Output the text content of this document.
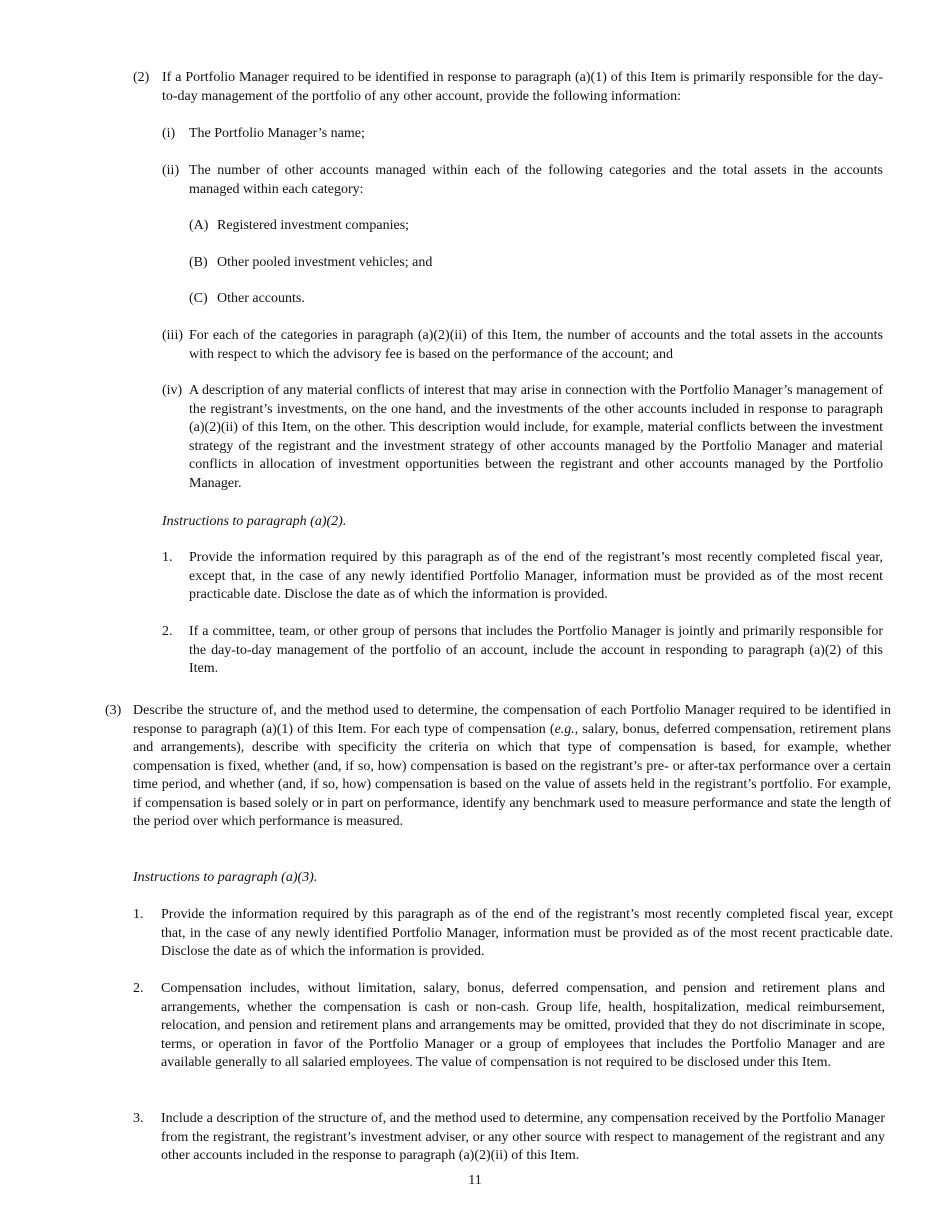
(2) If a Portfolio Manager required to be identified in response to paragraph (a)(1) of this Item is primarily responsible for the day-to-day management of the portfolio of any other account, provide the following information:

(i) The Portfolio Manager’s name;

(ii) The number of other accounts managed within each of the following categories and the total assets in the accounts managed within each category:

(A) Registered investment companies;

(B) Other pooled investment vehicles; and

(C) Other accounts.

(iii) For each of the categories in paragraph (a)(2)(ii) of this Item, the number of accounts and the total assets in the accounts with respect to which the advisory fee is based on the performance of the account; and

(iv) A description of any material conflicts of interest that may arise in connection with the Portfolio Manager’s management of the registrant’s investments, on the one hand, and the investments of the other accounts included in response to paragraph (a)(2)(ii) of this Item, on the other. This description would include, for example, material conflicts between the investment strategy of the registrant and the investment strategy of other accounts managed by the Portfolio Manager and material conflicts in allocation of investment opportunities between the registrant and other accounts managed by the Portfolio Manager.

Instructions to paragraph (a)(2).

1. Provide the information required by this paragraph as of the end of the registrant’s most recently completed fiscal year, except that, in the case of any newly identified Portfolio Manager, information must be provided as of the most recent practicable date. Disclose the date as of which the information is provided.

2. If a committee, team, or other group of persons that includes the Portfolio Manager is jointly and primarily responsible for the day-to-day management of the portfolio of an account, include the account in responding to paragraph (a)(2) of this Item.

(3) Describe the structure of, and the method used to determine, the compensation of each Portfolio Manager required to be identified in response to paragraph (a)(1) of this Item. For each type of compensation (e.g., salary, bonus, deferred compensation, retirement plans and arrangements), describe with specificity the criteria on which that type of compensation is based, for example, whether compensation is fixed, whether (and, if so, how) compensation is based on the registrant’s pre- or after-tax performance over a certain time period, and whether (and, if so, how) compensation is based on the value of assets held in the registrant’s portfolio. For example, if compensation is based solely or in part on performance, identify any benchmark used to measure performance and state the length of the period over which performance is measured.

Instructions to paragraph (a)(3).

1. Provide the information required by this paragraph as of the end of the registrant’s most recently completed fiscal year, except that, in the case of any newly identified Portfolio Manager, information must be provided as of the most recent practicable date. Disclose the date as of which the information is provided.

2. Compensation includes, without limitation, salary, bonus, deferred compensation, and pension and retirement plans and arrangements, whether the compensation is cash or non-cash. Group life, health, hospitalization, medical reimbursement, relocation, and pension and retirement plans and arrangements may be omitted, provided that they do not discriminate in scope, terms, or operation in favor of the Portfolio Manager or a group of employees that includes the Portfolio Manager and are available generally to all salaried employees. The value of compensation is not required to be disclosed under this Item.

3. Include a description of the structure of, and the method used to determine, any compensation received by the Portfolio Manager from the registrant, the registrant’s investment adviser, or any other source with respect to management of the registrant and any other accounts included in the response to paragraph (a)(2)(ii) of this Item.

11
